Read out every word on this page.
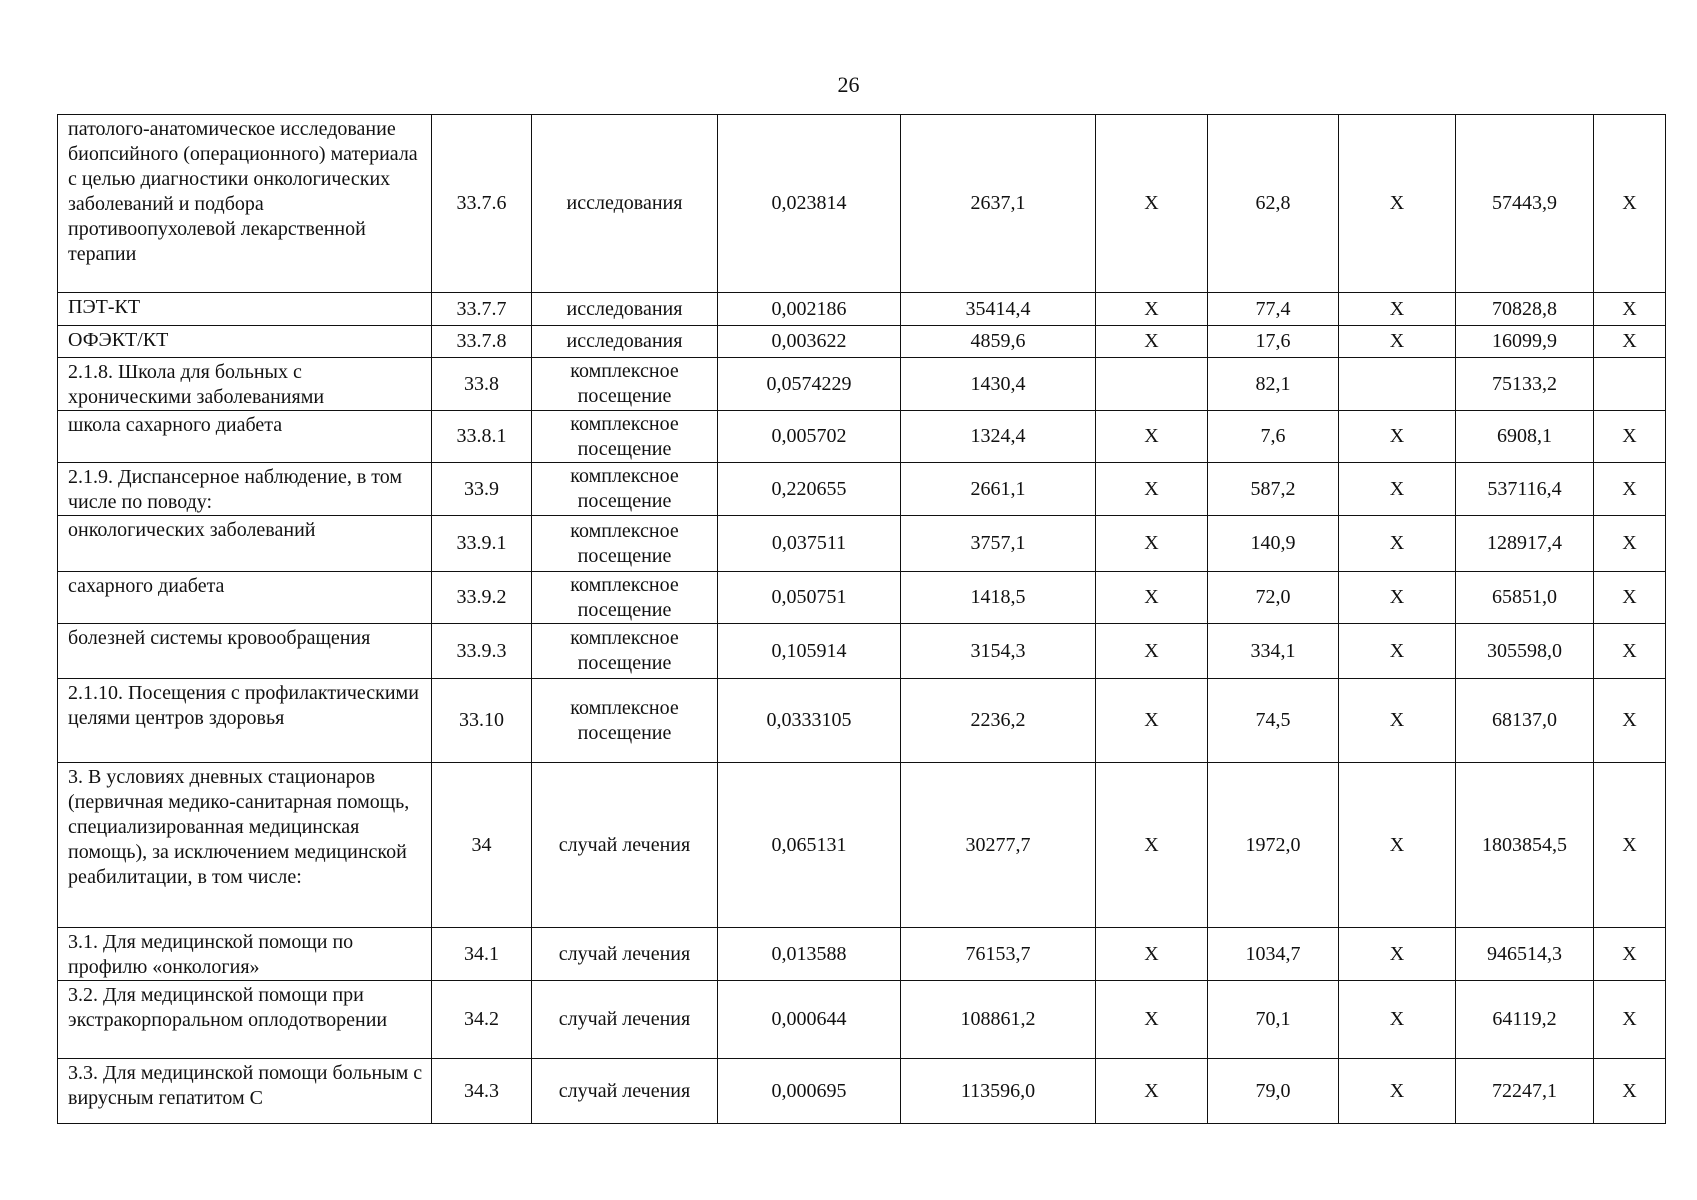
26
патолого-анатомическое исследование биопсийного (операционного) материала с целью диагностики онкологических заболеваний и подбора противоопухолевой лекарственной терапии	33.7.6	исследования	0,023814	2637,1	Х	62,8	Х	57443,9	Х
ПЭТ-КТ	33.7.7	исследования	0,002186	35414,4	Х	77,4	Х	70828,8	Х
ОФЭКТ/КТ	33.7.8	исследования	0,003622	4859,6	Х	17,6	Х	16099,9	Х
2.1.8. Школа для больных с хроническими заболеваниями	33.8	комплексное посещение	0,0574229	1430,4		82,1		75133,2	
школа сахарного диабета	33.8.1	комплексное посещение	0,005702	1324,4	Х	7,6	Х	6908,1	Х
2.1.9. Диспансерное наблюдение, в том числе по поводу:	33.9	комплексное посещение	0,220655	2661,1	Х	587,2	Х	537116,4	Х
онкологических заболеваний	33.9.1	комплексное посещение	0,037511	3757,1	Х	140,9	Х	128917,4	Х
сахарного диабета	33.9.2	комплексное посещение	0,050751	1418,5	Х	72,0	Х	65851,0	Х
болезней системы кровообращения	33.9.3	комплексное посещение	0,105914	3154,3	Х	334,1	Х	305598,0	Х
2.1.10. Посещения с профилактическими целями центров здоровья	33.10	комплексное посещение	0,0333105	2236,2	Х	74,5	Х	68137,0	Х
3. В условиях дневных стационаров (первичная медико-санитарная помощь, специализированная медицинская помощь), за исключением медицинской реабилитации, в том числе:	34	случай лечения	0,065131	30277,7	Х	1972,0	Х	1803854,5	Х
3.1. Для медицинской помощи по профилю «онкология»	34.1	случай лечения	0,013588	76153,7	Х	1034,7	Х	946514,3	Х
3.2. Для медицинской помощи при экстракорпоральном оплодотворении	34.2	случай лечения	0,000644	108861,2	Х	70,1	Х	64119,2	Х
3.3. Для медицинской помощи больным с вирусным гепатитом С	34.3	случай лечения	0,000695	113596,0	Х	79,0	Х	72247,1	Х
